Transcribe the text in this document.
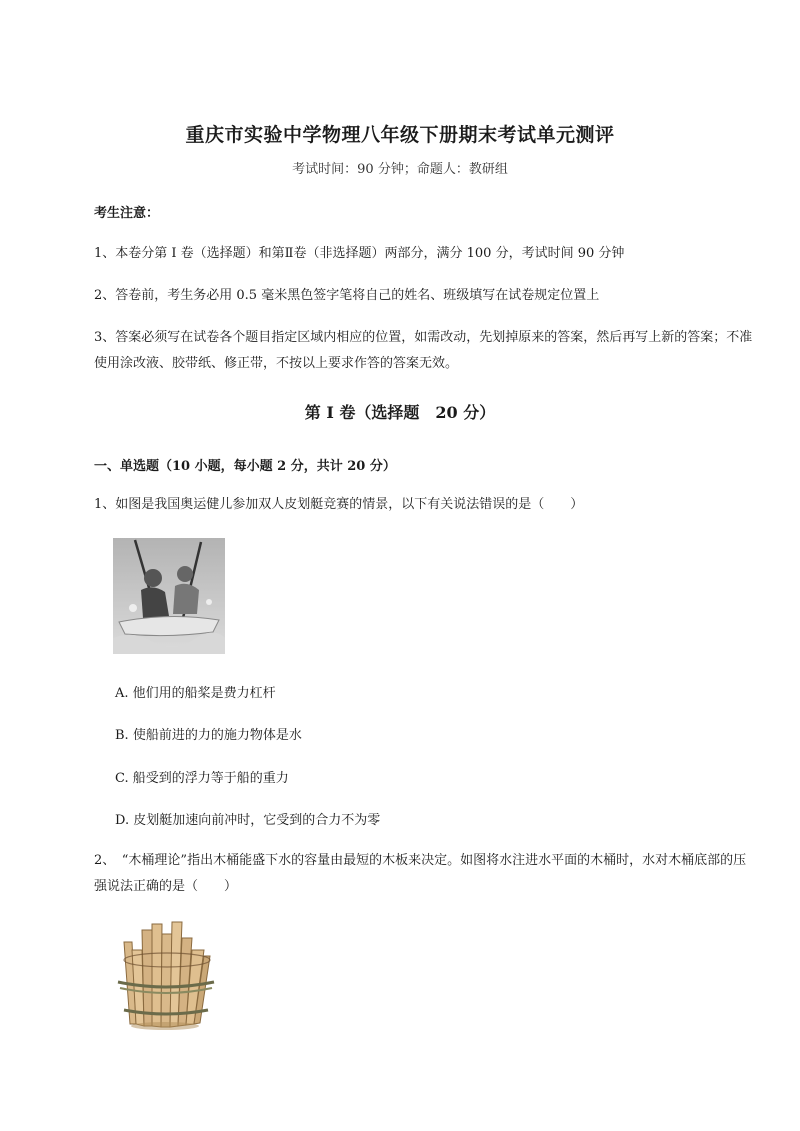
重庆市实验中学物理八年级下册期末考试单元测评
考试时间：90 分钟；命题人：教研组
考生注意：
1、本卷分第 I 卷（选择题）和第Ⅱ卷（非选择题）两部分，满分 100 分，考试时间 90 分钟
2、答卷前，考生务必用 0.5 毫米黑色签字笔将自己的姓名、班级填写在试卷规定位置上
3、答案必须写在试卷各个题目指定区域内相应的位置，如需改动，先划掉原来的答案，然后再写上新的答案；不准使用涂改液、胶带纸、修正带，不按以上要求作答的答案无效。
第 I 卷（选择题　20 分）
一、单选题（10 小题，每小题 2 分，共计 20 分）
1、如图是我国奥运健儿参加双人皮划艇竞赛的情景，以下有关说法错误的是（　　）
A. 他们用的船桨是费力杠杆
B. 使船前进的力的施力物体是水
C. 船受到的浮力等于船的重力
D. 皮划艇加速向前冲时，它受到的合力不为零
2、　“木桶理论”指出木桶能盛下水的容量由最短的木板来决定。如图将水注进水平面的木桶时，水对木桶底部的压强说法正确的是（　　）
